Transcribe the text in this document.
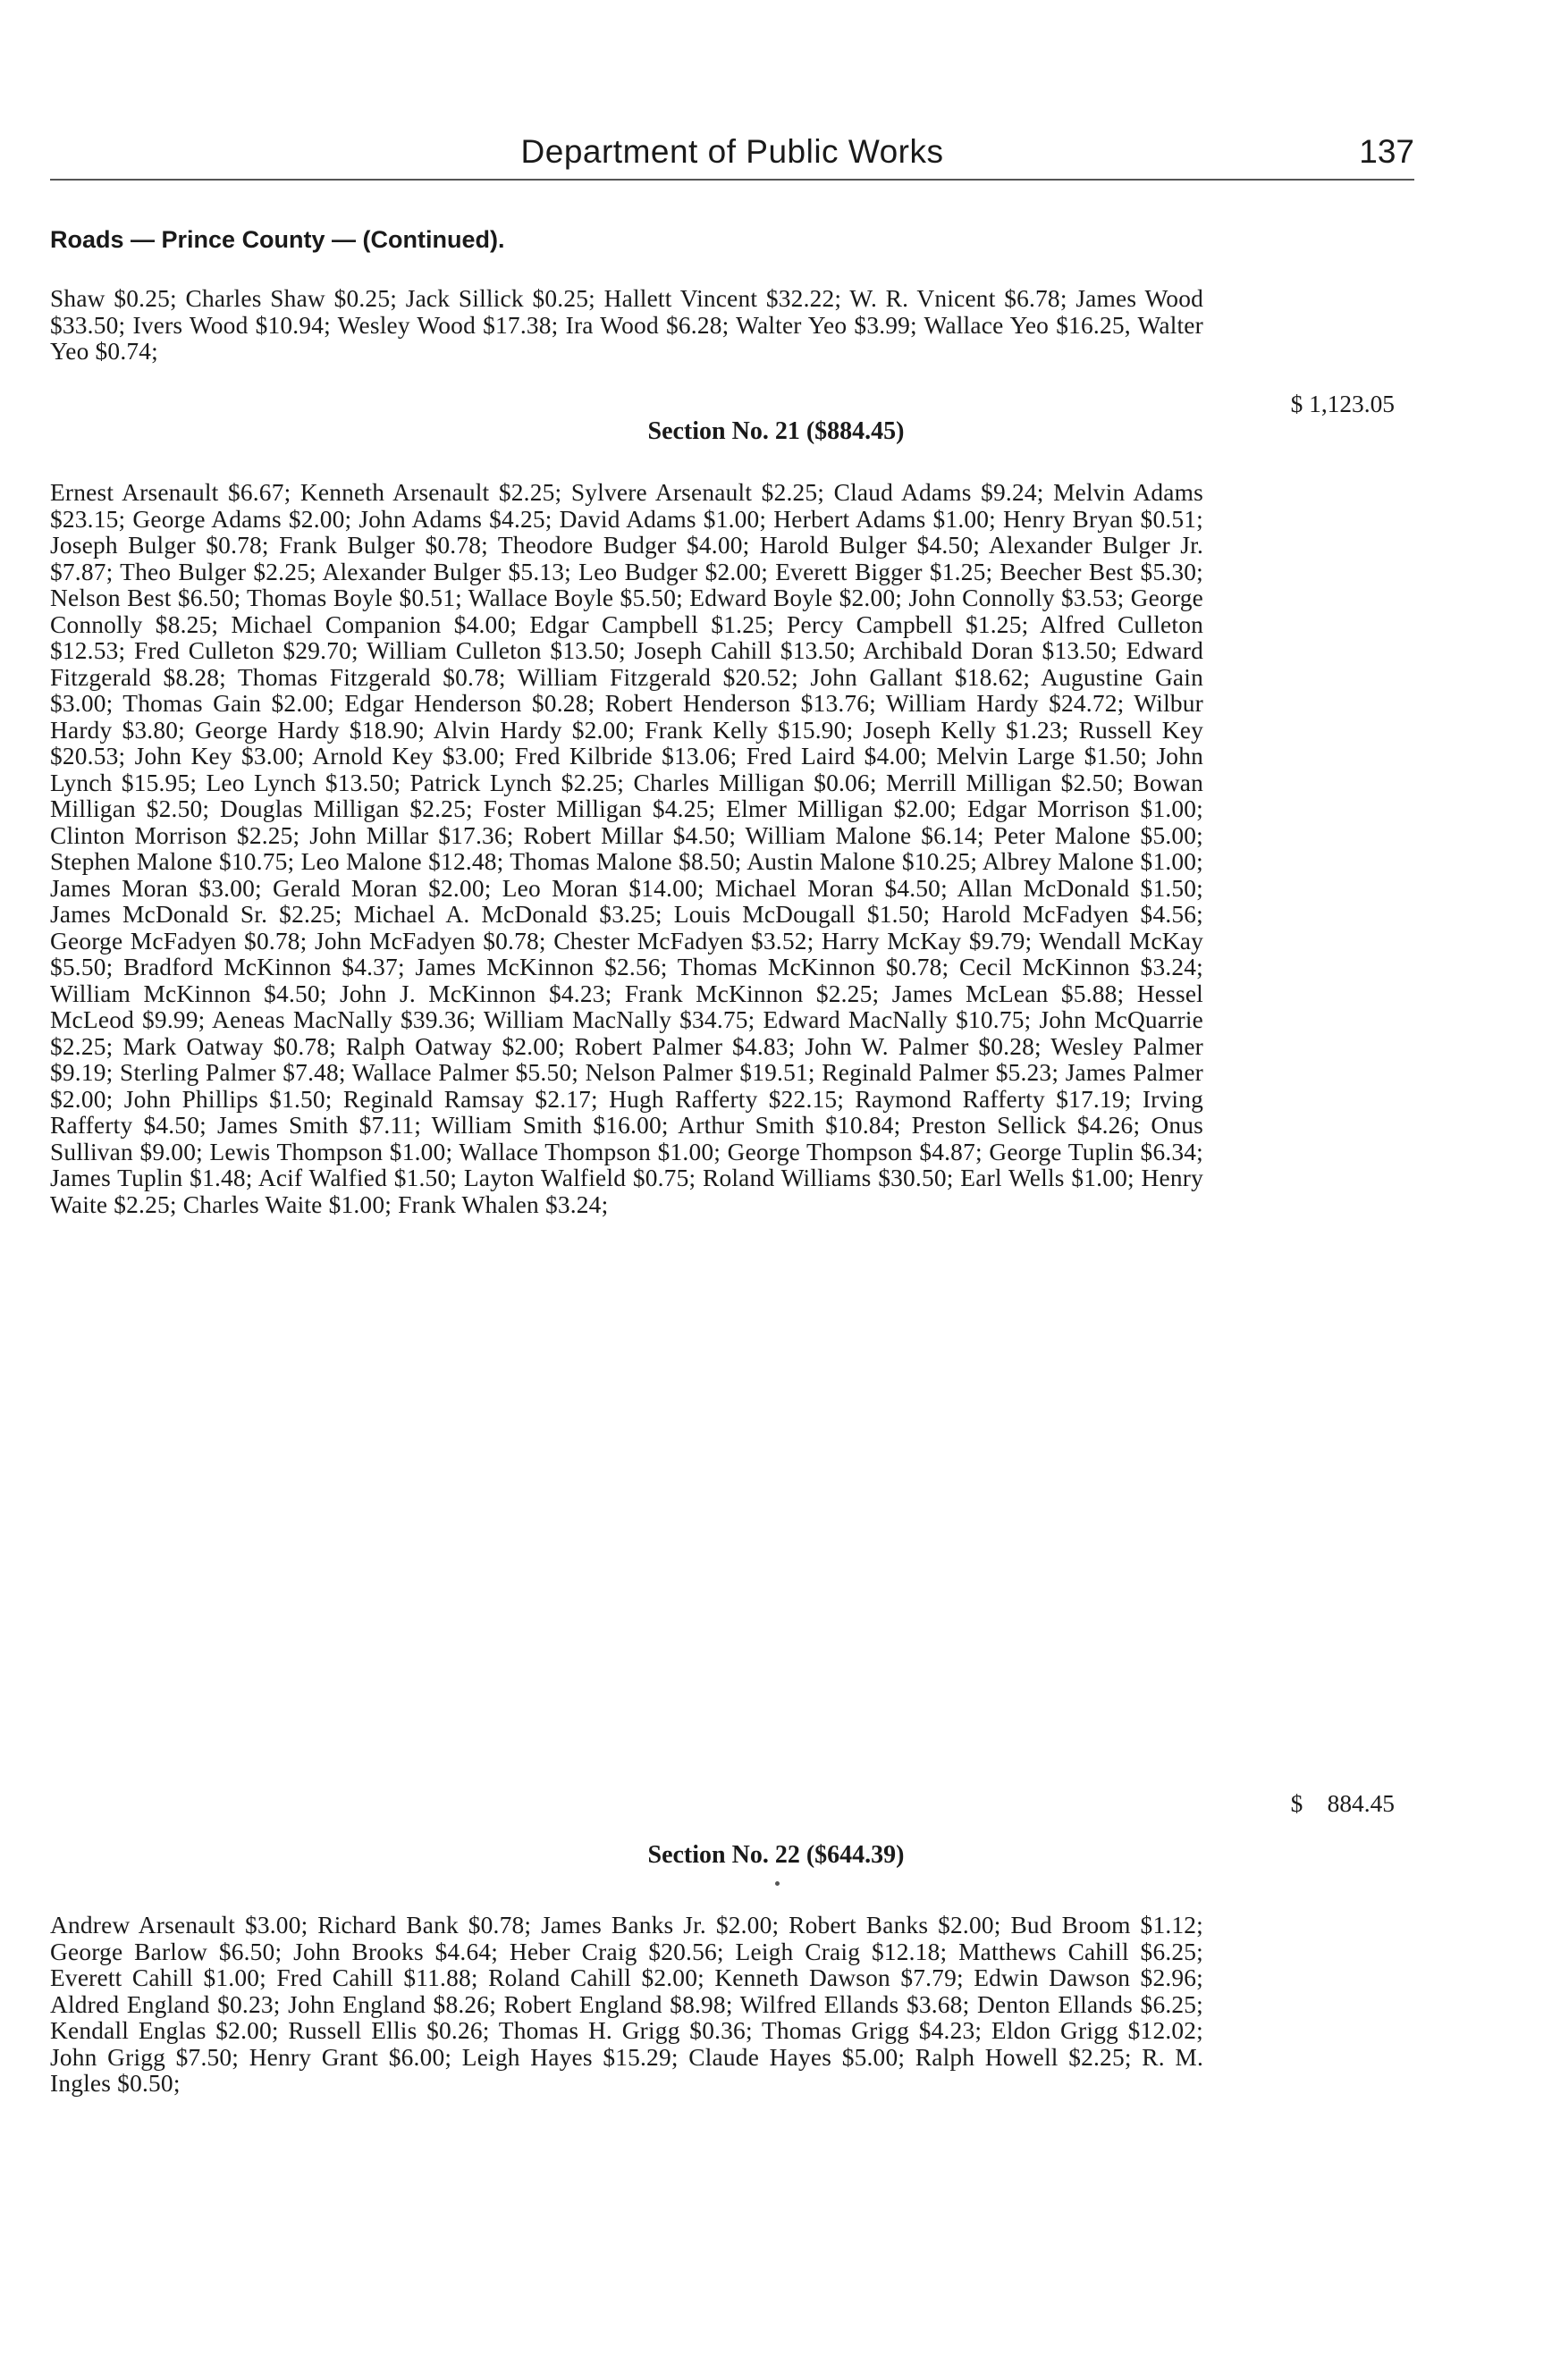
Department of Public Works	137
Roads — Prince County — (Continued).
Shaw $0.25; Charles Shaw $0.25; Jack Sillick $0.25; Hallett Vincent $32.22; W. R. Vnicent $6.78; James Wood $33.50; Ivers Wood $10.94; Wesley Wood $17.38; Ira Wood $6.28; Walter Yeo $3.99; Wallace Yeo $16.25, Walter Yeo $0.74;
$ 1,123.05
Section No. 21 ($884.45)
Ernest Arsenault $6.67; Kenneth Arsenault $2.25; Sylvere Arsenault $2.25; Claud Adams $9.24; Melvin Adams $23.15; George Adams $2.00; John Adams $4.25; David Adams $1.00; Herbert Adams $1.00; Henry Bryan $0.51; Joseph Bulger $0.78; Frank Bulger $0.78; Theodore Budger $4.00; Harold Bulger $4.50; Alexander Bulger Jr. $7.87; Theo Bulger $2.25; Alexander Bulger $5.13; Leo Budger $2.00; Everett Bigger $1.25; Beecher Best $5.30; Nelson Best $6.50; Thomas Boyle $0.51; Wallace Boyle $5.50; Edward Boyle $2.00; John Connolly $3.53; George Connolly $8.25; Michael Companion $4.00; Edgar Campbell $1.25; Percy Campbell $1.25; Alfred Culleton $12.53; Fred Culleton $29.70; William Culleton $13.50; Joseph Cahill $13.50; Archibald Doran $13.50; Edward Fitzgerald $8.28; Thomas Fitzgerald $0.78; William Fitzgerald $20.52; John Gallant $18.62; Augustine Gain $3.00; Thomas Gain $2.00; Edgar Henderson $0.28; Robert Henderson $13.76; William Hardy $24.72; Wilbur Hardy $3.80; George Hardy $18.90; Alvin Hardy $2.00; Frank Kelly $15.90; Joseph Kelly $1.23; Russell Key $20.53; John Key $3.00; Arnold Key $3.00; Fred Kilbride $13.06; Fred Laird $4.00; Melvin Large $1.50; John Lynch $15.95; Leo Lynch $13.50; Patrick Lynch $2.25; Charles Milligan $0.06; Merrill Milligan $2.50; Bowan Milligan $2.50; Douglas Milligan $2.25; Foster Milligan $4.25; Elmer Milligan $2.00; Edgar Morrison $1.00; Clinton Morrison $2.25; John Millar $17.36; Robert Millar $4.50; William Malone $6.14; Peter Malone $5.00; Stephen Malone $10.75; Leo Malone $12.48; Thomas Malone $8.50; Austin Malone $10.25; Albrey Malone $1.00; James Moran $3.00; Gerald Moran $2.00; Leo Moran $14.00; Michael Moran $4.50; Allan McDonald $1.50; James McDonald Sr. $2.25; Michael A. McDonald $3.25; Louis McDougall $1.50; Harold McFadyen $4.56; George McFadyen $0.78; John McFadyen $0.78; Chester McFadyen $3.52; Harry McKay $9.79; Wendall McKay $5.50; Bradford McKinnon $4.37; James McKinnon $2.56; Thomas McKinnon $0.78; Cecil McKinnon $3.24; William McKinnon $4.50; John J. McKinnon $4.23; Frank McKinnon $2.25; James McLean $5.88; Hessel McLeod $9.99; Aeneas MacNally $39.36; William MacNally $34.75; Edward MacNally $10.75; John McQuarrie $2.25; Mark Oatway $0.78; Ralph Oatway $2.00; Robert Palmer $4.83; John W. Palmer $0.28; Wesley Palmer $9.19; Sterling Palmer $7.48; Wallace Palmer $5.50; Nelson Palmer $19.51; Reginald Palmer $5.23; James Palmer $2.00; John Phillips $1.50; Reginald Ramsay $2.17; Hugh Rafferty $22.15; Raymond Rafferty $17.19; Irving Rafferty $4.50; James Smith $7.11; William Smith $16.00; Arthur Smith $10.84; Preston Sellick $4.26; Onus Sullivan $9.00; Lewis Thompson $1.00; Wallace Thompson $1.00; George Thompson $4.87; George Tuplin $6.34; James Tuplin $1.48; Acif Walfied $1.50; Layton Walfield $0.75; Roland Williams $30.50; Earl Wells $1.00; Henry Waite $2.25; Charles Waite $1.00; Frank Whalen $3.24;
$    884.45
Section No. 22 ($644.39)
Andrew Arsenault $3.00; Richard Bank $0.78; James Banks Jr. $2.00; Robert Banks $2.00; Bud Broom $1.12; George Barlow $6.50; John Brooks $4.64; Heber Craig $20.56; Leigh Craig $12.18; Matthews Cahill $6.25; Everett Cahill $1.00; Fred Cahill $11.88; Roland Cahill $2.00; Kenneth Dawson $7.79; Edwin Dawson $2.96; Aldred England $0.23; John England $8.26; Robert England $8.98; Wilfred Ellands $3.68; Denton Ellands $6.25; Kendall Englas $2.00; Russell Ellis $0.26; Thomas H. Grigg $0.36; Thomas Grigg $4.23; Eldon Grigg $12.02; John Grigg $7.50; Henry Grant $6.00; Leigh Hayes $15.29; Claude Hayes $5.00; Ralph Howell $2.25; R. M. Ingles $0.50;
